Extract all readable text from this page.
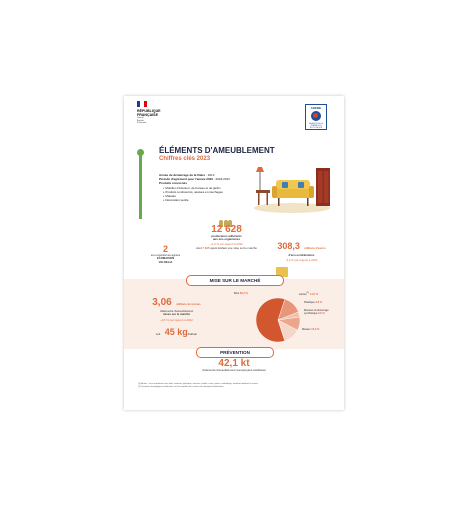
RÉPUBLIQUE
FRANÇAISE
Liberté
Égalité
Fraternité
ADEME
AGENCE DE LA TRANSITION ÉCOLOGIQUE
FAITS & CHIFFRES
ÉLÉMENTS D'AMEUBLEMENT
Chiffres clés 2023
Année de démarrage de la filière : 2013
Période d'agrément pour l'année 2023 : 2018-2023
Produits concernés
▸ Mobilier d'intérieur, de bureau et de jardin
▸ Produits rembourrés, assises et couchages
▸ Matelas
▸ Décoration textile
2
éco-organismes agréés
ECOMAISON
VALDELIA
12 628
producteurs adhérents
aux éco-organismes
+1,9 % par rapport à 2022
dont 7 395 ayant déclaré une mise sur le marché	308,3 millions d'euros
d'éco-contributions
-3,4 % par rapport à 2022
MISE SUR LE MARCHÉ
3,06 millions de tonnes
d'éléments d'ameublement
mises sur le marché
+0,5 % par rapport à 2022
soit 45 kg/hab/an
Bois 60,2 %	Autres$^{(1)}$ 14,0 %
Plastique 3,8 %
Mousse rembourrage synthétique 9,9 %
Métaux 12,3 %
PRÉVENTION
42,1 kt
d'éléments d'ameublement réemployées-réutilisées
(1) Autres : tous matériaux hors bois, métaux, plastique, mousse, textile, verre, pierre, emballage, matériel médical et autres.
(2) Quantité réemployées-réutilisées via l'ensemble des canaux de réemploi-réutilisation.
